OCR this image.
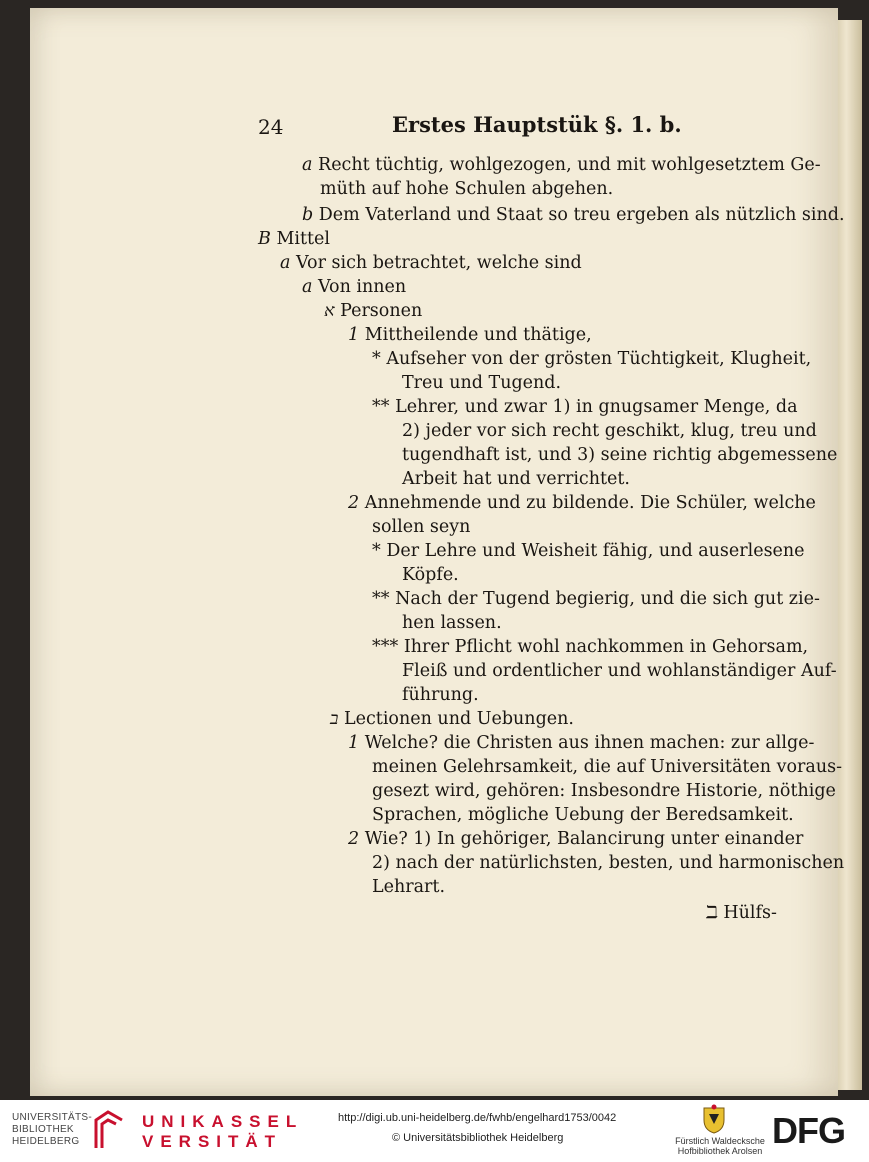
24	Erstes Hauptstük §. 1. b.
a Recht tüchtig, wohlgezogen, und mit wohlgesetztem Ge-
müth auf hohe Schulen abgehen.
b Dem Vaterland und Staat so treu ergeben als nützlich sind.
B Mittel
a Vor sich betrachtet, welche sind
a Von innen
א Personen
1 Mittheilende und thätige,
* Aufseher von der grösten Tüchtigkeit, Klugheit,
Treu und Tugend.
** Lehrer, und zwar 1) in gnugsamer Menge, da
2) jeder vor sich recht geschikt, klug, treu und
tugendhaft ist, und 3) seine richtig abgemessene
Arbeit hat und verrichtet.
2 Annehmende und zu bildende. Die Schüler, welche
sollen seyn
* Der Lehre und Weisheit fähig, und auserlesene
Köpfe.
** Nach der Tugend begierig, und die sich gut zie-
hen lassen.
*** Ihrer Pflicht wohl nachkommen in Gehorsam,
Fleiß und ordentlicher und wohlanständiger Auf-
führung.
ב Lectionen und Uebungen.
1 Welche? die Christen aus ihnen machen: zur allge-
meinen Gelehrsamkeit, die auf Universitäten voraus-
gesezt wird, gehören: Insbesondre Historie, nöthige
Sprachen, mögliche Uebung der Beredsamkeit.
2 Wie? 1) In gehöriger, Balancirung unter einander
2) nach der natürlichsten, besten, und harmonischen
Lehrart.
ℶ Hülfs-
UNIVERSITÄTS-
BIBLIOTHEK
HEIDELBERG
UNIKASSEL
VERSITÄT
http://digi.ub.uni-heidelberg.de/fwhb/engelhard1753/0042
© Universitätsbibliothek Heidelberg	Fürstlich Waldecksche
Hofbibliothek Arolsen DFG
